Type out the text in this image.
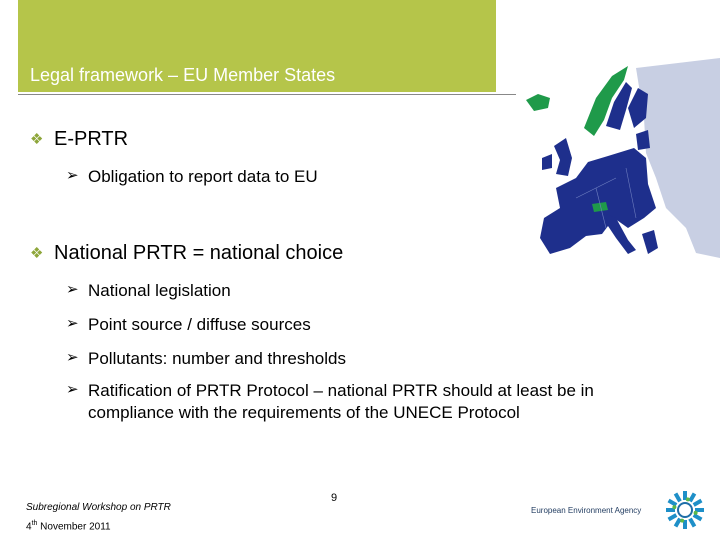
Legal framework – EU Member States
❖ E-PRTR
➢ Obligation to report data to EU
❖ National PRTR = national choice
➢ National legislation
➢ Point source / diffuse sources
➢ Pollutants: number and thresholds
➢ Ratification of PRTR Protocol – national PRTR should at least be in
compliance with the requirements of the UNECE Protocol
Subregional Workshop on PRTR
4th November 2011
9
European Environment Agency
